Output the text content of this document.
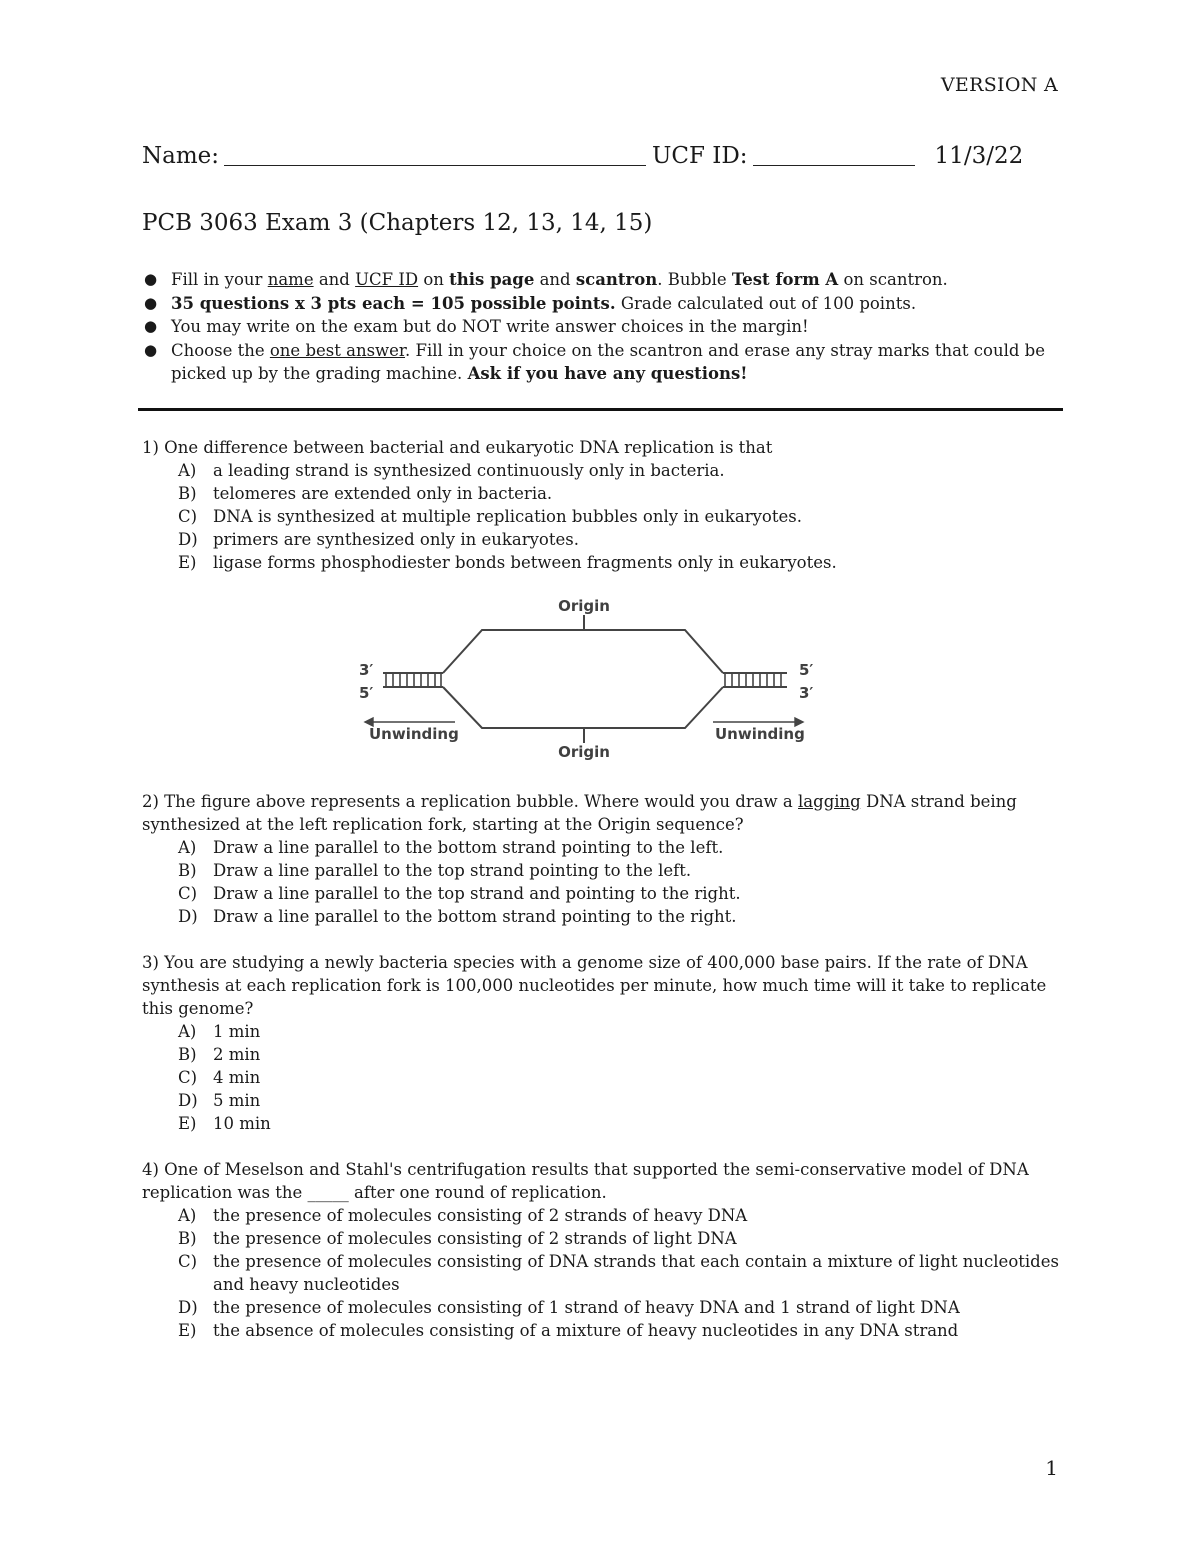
VERSION A
Name:	UCF ID:	11/3/22
PCB 3063 Exam 3 (Chapters 12, 13, 14, 15)
● Fill in your name and UCF ID on this page and scantron. Bubble Test form A on scantron.
● 35 questions x 3 pts each = 105 possible points. Grade calculated out of 100 points.
● You may write on the exam but do NOT write answer choices in the margin!
● Choose the one best answer. Fill in your choice on the scantron and erase any stray marks that could be picked up by the grading machine. Ask if you have any questions!

1) One difference between bacterial and eukaryotic DNA replication is that

A) a leading strand is synthesized continuously only in bacteria.
B) telomeres are extended only in bacteria.
C) DNA is synthesized at multiple replication bubbles only in eukaryotes.
D) primers are synthesized only in eukaryotes.
E) ligase forms phosphodiester bonds between fragments only in eukaryotes.
Origin
Origin
3′
5′
5′
3′
Unwinding	Unwinding

2) The figure above represents a replication bubble. Where would you draw a lagging DNA strand being synthesized at the left replication fork, starting at the Origin sequence?

A) Draw a line parallel to the bottom strand pointing to the left.
B) Draw a line parallel to the top strand pointing to the left.
C) Draw a line parallel to the top strand and pointing to the right.
D) Draw a line parallel to the bottom strand pointing to the right.

3) You are studying a newly bacteria species with a genome size of 400,000 base pairs. If the rate of DNA synthesis at each replication fork is 100,000 nucleotides per minute, how much time will it take to replicate this genome?

A) 1 min
B) 2 min
C) 4 min
D) 5 min
E) 10 min

4) One of Meselson and Stahl's centrifugation results that supported the semi-conservative model of DNA replication was the _____ after one round of replication.

A) the presence of molecules consisting of 2 strands of heavy DNA
B) the presence of molecules consisting of 2 strands of light DNA
C) the presence of molecules consisting of DNA strands that each contain a mixture of light nucleotides and heavy nucleotides
D) the presence of molecules consisting of 1 strand of heavy DNA and 1 strand of light DNA
E) the absence of molecules consisting of a mixture of heavy nucleotides in any DNA strand
1
